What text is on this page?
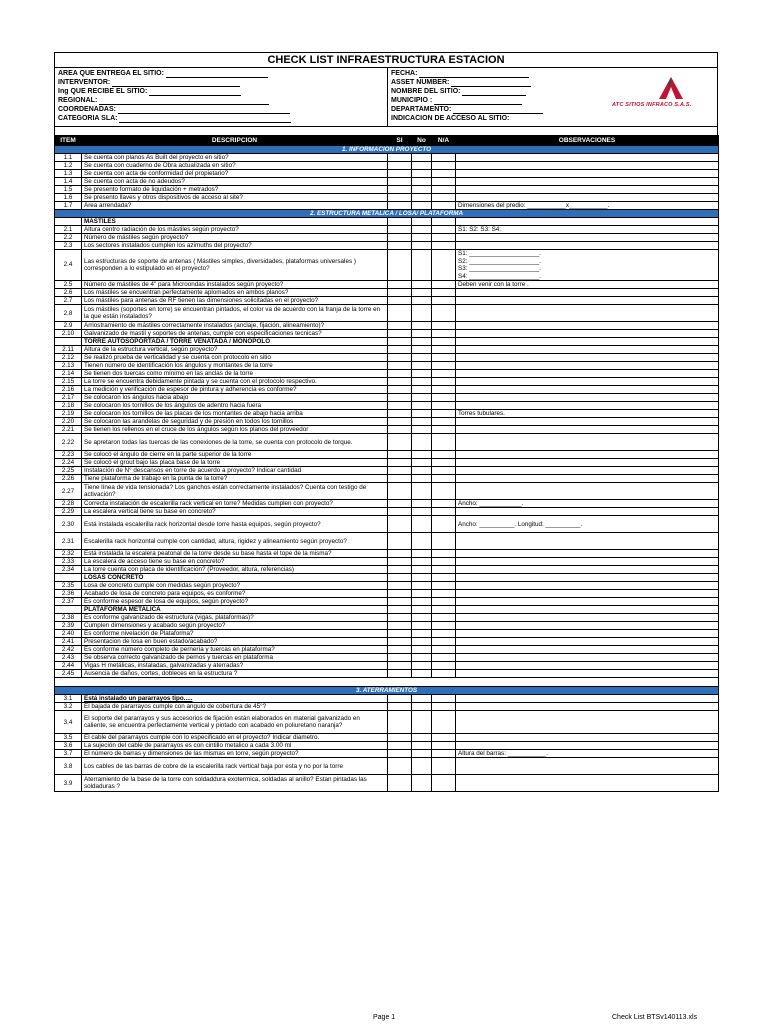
CHECK LIST INFRAESTRUCTURA ESTACION
AREA QUE ENTREGA EL SITIO:
INTERVENTOR:
Ing QUE RECIBE EL SITIO:
REGIONAL:
COORDENADAS:
CATEGORIA SLA:
FECHA:
ASSET NUMBER:
NOMBRE DEL SITIO:
MUNICIPIO :
DEPARTAMENTO:
INDICACION DE ACCESO AL SITIO:
ATC SITIOS INFRACO S.A.S.
ITEM	DESCRIPCION	SI	No	N/A	OBSERVACIONES
1. INFORMACION PROYECTO					
1.1	Se cuenta con planos As Built del proyecto en sitio?				
1.2	Se cuenta con cuaderno de Obra actualizada en sitio?				
1.3	Se cuenta con acta de conformidad del propietario?				
1.4	Se cuenta con acta de no adeudos?				
1.5	Se presento formato de liquidación + metrados?				
1.6	Se presento llaves y otros dispositivos de acceso al site?				
1.7	Área arrendada?				Dimensiones del predio: ___________x___________.
2. ESTRUCTURA METALICA / LOSA/ PLATAFORMA					
	MASTILES				
2.1	Altura centro radiación de los mástiles según proyecto?				S1: S2: S3: S4:
2.2	Número de mástiles según proyecto?				
2.3	Los sectores instalados cumplen los azimuths del proyecto?				
2.4	Las estructuras de soporte de antenas ( Mástiles simples, diversidades, plataformas universales ) corresponden a lo estipulado en el proyecto?				S1: ____________________.
S2: ____________________.
S3: ____________________.
S4: ____________________.
2.5	Número de mástiles de 4" para Microondas instalados según proyecto?				Deben venir con la torre .
2.6	Los mástiles se encuentran perfectamente aplomados en ambos planos?				
2.7	Los mástiles para antenas de RF tienen las dimensiones solicitadas en el proyecto?				
2.8	Los mástiles (soportes en torre) se encuentran pintados, el color va de acuerdo con la franja de la torre en la que están instalados?				
2.9	Arriostramiento de mástiles correctamente instalados (anclaje, fijación, alineamiento)?				
2.10	Galvanizado de mastil y soportes de antenas, cumple con especificaciones tecnicas?				
	TORRE AUTOSOPORTADA / TORRE VENATADA / MONOPOLO				
2.11	Altura de la estructura vertical, según proyecto?				
2.12	Se realizó prueba de verticalidad y se cuenta con protocolo en sitio				
2.13	Tienen número de identificación los ángulos y montantes de la torre				
2.14	Se tienen dos tuercas como mínimo en las anclas de la torre				
2.15	La torre se encuentra debidamente pintada y se cuenta con el protocolo respectivo.				
2.16	La medición y verificación de espesor de pintura y adherencia es conforme?				
2.17	Se colocaron los ángulos hacia abajo				
2.18	Se colocaron los tornillos de los ángulos de adentro hacia fuera				
2.19	Se colocaron los tornillos de las placas de los montantes de abajo hacia arriba				Torres tubulares.
2.20	Se colocaron las arandelas de seguridad y de presión en todos los tornillos				
2.21	Se tienen los rellenos en el cruce de los ángulos según los planos del proveedor				
2.22	Se apretaron todas las tuercas de las conexiones de la torre, se cuenta con protocolo de torque.				
2.23	Se colocó el ángulo de cierre en la parte superior de la torre				
2.24	Se colocó el grout bajo las placa base de la torre				
2.25	Instalación de N° descansos en torre de acuerdo a proyecto? Indicar cantidad				
2.26	Tiene plataforma de trabajo en la punta de la torre?				
2.27	Tiene línea de vida tensionada? Los ganchos están correctamente instalados? Cuenta con testigo de activación?				
2.28	Correcta instalación de escalerilla rack vertical en torre? Medidas cumplen con proyecto?				Ancho: ____________.
2.29	La escalera vertical tiene su base en concreto?				
2.30	Está instalada escalerilla rack horizontal desde torre hasta equipos, según proyecto?				Ancho: __________. Longitud: __________.
2.31	Escalerilla rack horizontal cumple con cantidad, altura, rigidez y alineamiento según proyecto?				
2.32	Está instalada la escalera peatonal de la torre desde su base hasta el tope de la misma?				
2.33	La escalera de acceso tiene su base en concreto?				
2.34	La torre cuenta con placa de identificación? (Proveedor, altura, referencias)				
	LOSAS CONCRETO				
2.35	Losa de concreto cumple con medidas según proyecto?				
2.36	Acabado de losa de concreto para equipos, es conforme?				
2.37	Es conforme espesor de losa de equipos, según proyecto?				
	PLATAFORMA METALICA				
2.38	Es conforme galvanizado de estructura (vigas, plataformas)?				
2.39	Cumplen dimensiones y acabado según proyecto?				
2.40	Es conforme nivelación de Plataforma?				
2.41	Presentacion de losa en buen estado/acabado?				
2.42	Es conforme número completo de pernería y tuercas en plataforma?				
2.43	Se observa correcto galvanizado de pernos y tuercas en plataforma				
2.44	Vigas H metálicas, instaladas, galvanizadas y aterradas?				
2.45	Ausencia de daños, cortes, dobleces en la estructura ?				

3. ATERRAMIENTOS					
3.1	Está instalado un pararrayos tipo.....				
3.2	El bajada de pararrayos cumple con angulo de cobertura de 45°?				
3.4	El soporte del pararrayos y sus accesorios de fijación están elaborados en material galvanizado en caliente, se encuentra perfectamente vertical y pintado con acabado en poliuretano naranja?				
3.5	El cable del pararrayos cumple con lo especificado en el proyecto? Indicar diametro.				
3.6	La sujeción del cable de pararrayos es con cintillo metalico a cada 3.00 ml				
3.7	El número de barras y dimensiones de las mismas en torre, según proyecto?				Altura del barras: ___________.
3.8	Los cables de las barras de cobre de la escalerilla rack vertical baja por esta y no por la torre				
3.9	Aterramiento de la base de la torre con soldaddura exotermica, soldadas al anillo? Estan pintadas las soldaduras ?				
Page 1	Check List BTSv140113.xls
